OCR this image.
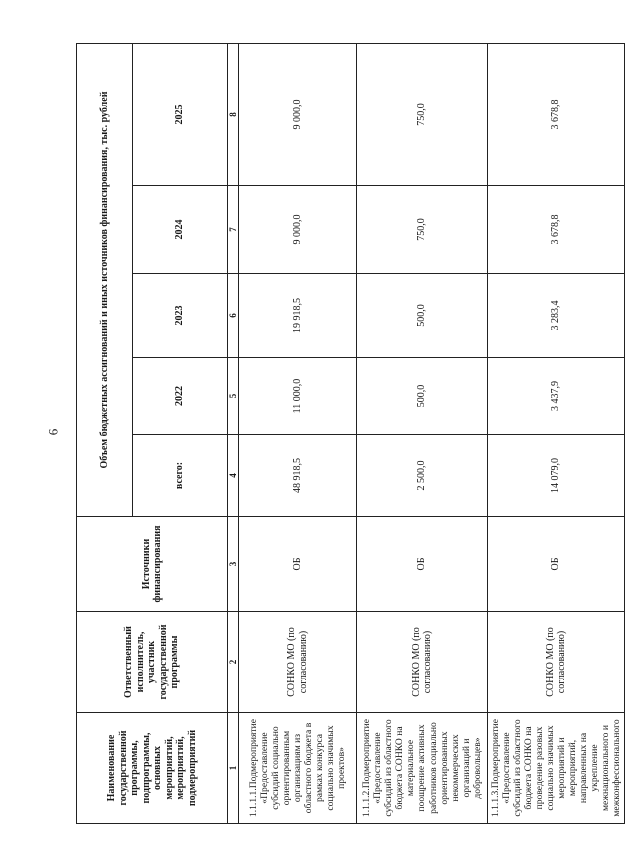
6
Наименование государственной программы, подпрограммы, основных мероприятий, мероприятий, подмероприятий	Ответственный исполнитель, участник государственной программы	Источники финансирования	Объем бюджетных ассигнований и иных источников финансирования, тыс. рублей				
			всего:	2022	2023	2024	2025
1	2	3	4	5	6	7	8
1.1.1.1.Подмероприятие «Предоставление субсидий социально ориентированным организациям из областного бюджета в рамках конкурса социально значимых проектов»	СОНКО МО (по согласованию)	ОБ	48 918,5	11 000,0	19 918,5	9 000,0	9 000,0
1.1.1.2.Подмероприятие «Предоставление субсидий из областного бюджета СОНКО на материальное поощрение активных работников социально ориентированных некоммерческих организаций и добровольцев»	СОНКО МО (по согласованию)	ОБ	2 500,0	500,0	500,0	750,0	750,0
1.1.1.3.Подмероприятие «Предоставление субсидий из областного бюджета СОНКО на проведение разовых социально значимых мероприятий и мероприятий, направленных на укрепление межнационального и межконфессионального	СОНКО МО (по согласованию)	ОБ	14 079,0	3 437,9	3 283,4	3 678,8	3 678,8
